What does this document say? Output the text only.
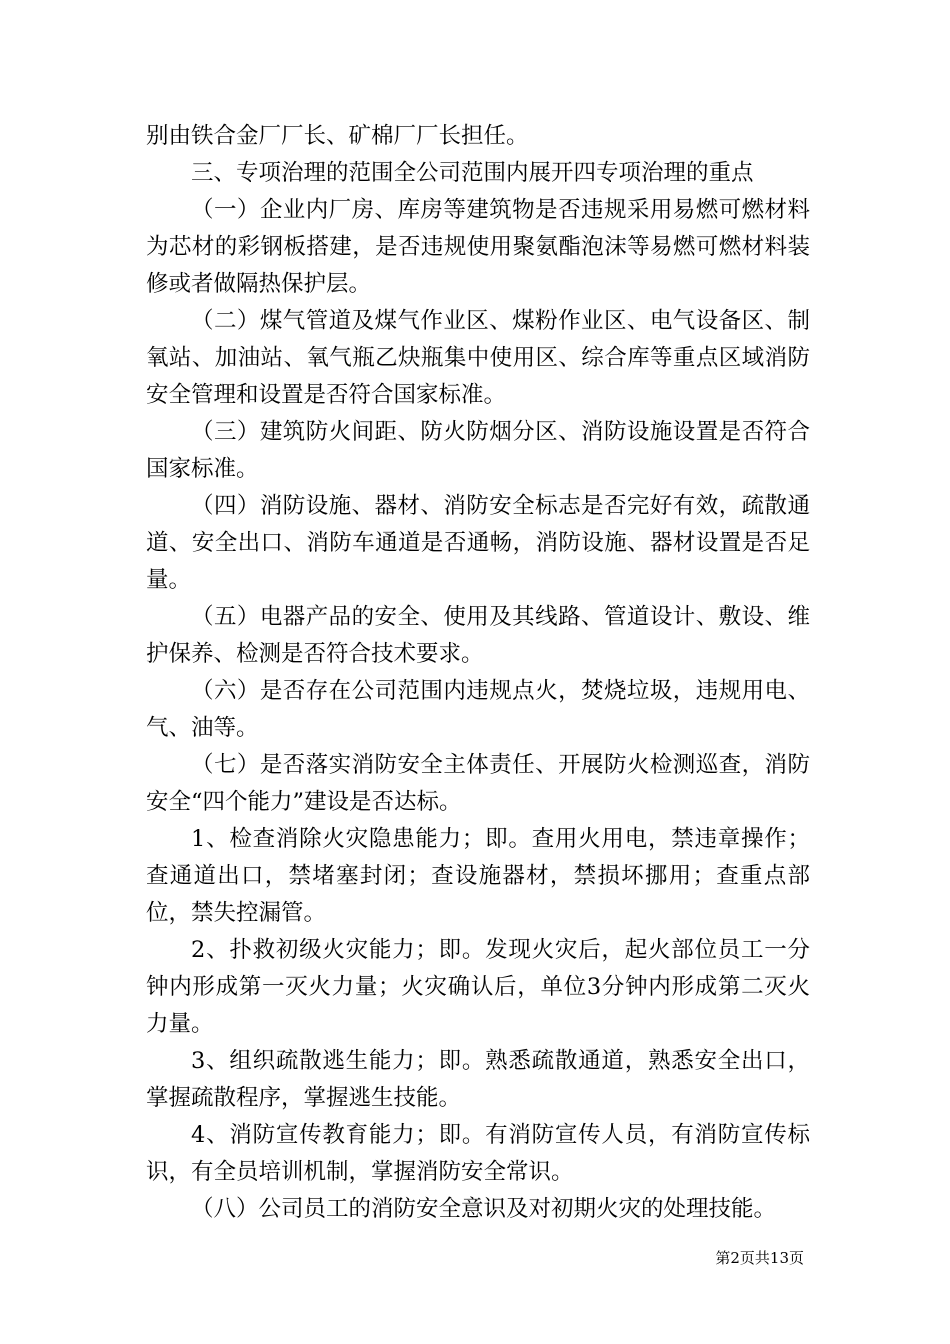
别由铁合金厂厂长、矿棉厂厂长担任。

三、专项治理的范围全公司范围内展开四专项治理的重点

（一）企业内厂房、库房等建筑物是否违规采用易燃可燃材料为芯材的彩钢板搭建，是否违规使用聚氨酯泡沫等易燃可燃材料装修或者做隔热保护层。

（二）煤气管道及煤气作业区、煤粉作业区、电气设备区、制氧站、加油站、氧气瓶乙炔瓶集中使用区、综合库等重点区域消防安全管理和设置是否符合国家标准。

（三）建筑防火间距、防火防烟分区、消防设施设置是否符合国家标准。

（四）消防设施、器材、消防安全标志是否完好有效，疏散通道、安全出口、消防车通道是否通畅，消防设施、器材设置是否足量。

（五）电器产品的安全、使用及其线路、管道设计、敷设、维护保养、检测是否符合技术要求。

（六）是否存在公司范围内违规点火，焚烧垃圾，违规用电、气、油等。

（七）是否落实消防安全主体责任、开展防火检测巡查，消防安全“四个能力”建设是否达标。

1、检查消除火灾隐患能力；即。查用火用电，禁违章操作；查通道出口，禁堵塞封闭；查设施器材，禁损坏挪用；查重点部位，禁失控漏管。

2、扑救初级火灾能力；即。发现火灾后，起火部位员工一分钟内形成第一灭火力量；火灾确认后，单位3分钟内形成第二灭火力量。

3、组织疏散逃生能力；即。熟悉疏散通道，熟悉安全出口，掌握疏散程序，掌握逃生技能。

4、消防宣传教育能力；即。有消防宣传人员，有消防宣传标识，有全员培训机制，掌握消防安全常识。

（八）公司员工的消防安全意识及对初期火灾的处理技能。

第2页共13页
